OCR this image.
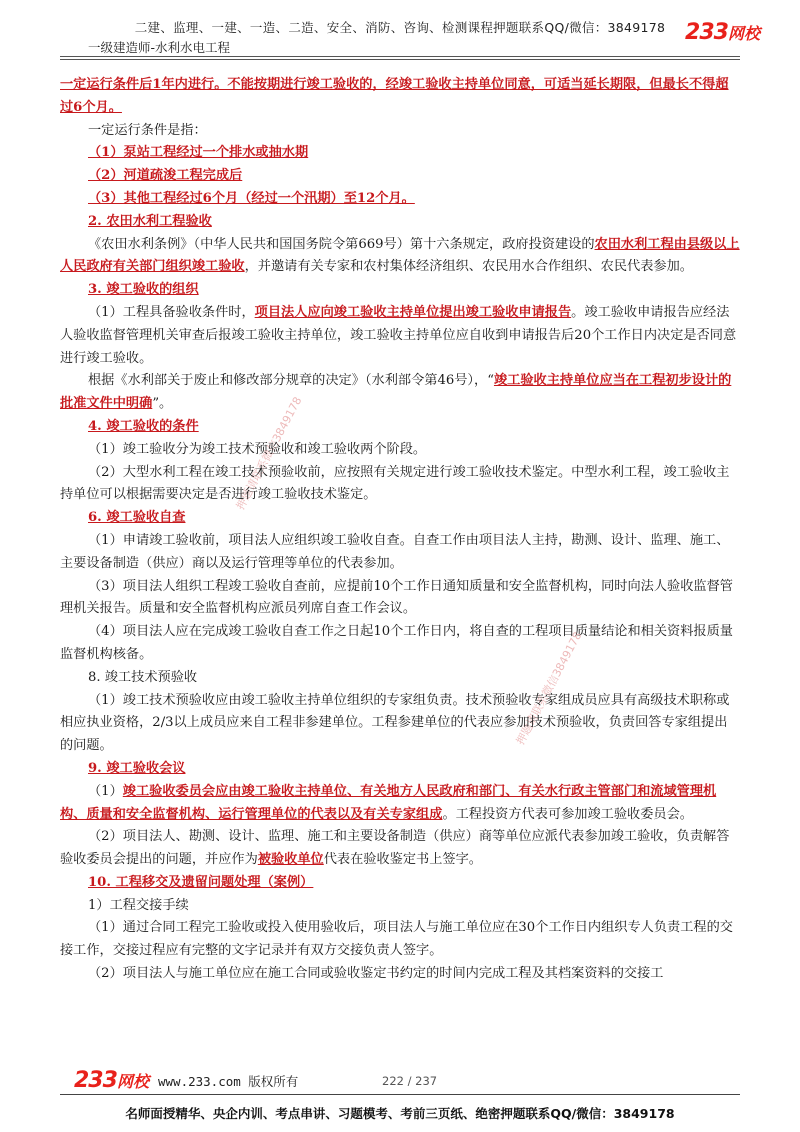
二建、监理、一建、一造、二造、安全、消防、咨询、检测课程押题联系QQ/微信：3849178
一级建造师-水利水电工程
233网校
押题请联系微信3849178
押题请联系微信3849178

一定运行条件后1年内进行。不能按期进行竣工验收的，经竣工验收主持单位同意，可适当延长期限，但最长不得超过6个月。

一定运行条件是指：

（1）泵站工程经过一个排水或抽水期

（2）河道疏浚工程完成后

（3）其他工程经过6个月（经过一个汛期）至12个月。

2. 农田水利工程验收

《农田水利条例》（中华人民共和国国务院令第669号）第十六条规定，政府投资建设的农田水利工程由县级以上人民政府有关部门组织竣工验收，并邀请有关专家和农村集体经济组织、农民用水合作组织、农民代表参加。

3. 竣工验收的组织

（1）工程具备验收条件时，项目法人应向竣工验收主持单位提出竣工验收申请报告。竣工验收申请报告应经法人验收监督管理机关审查后报竣工验收主持单位，竣工验收主持单位应自收到申请报告后20个工作日内决定是否同意进行竣工验收。

根据《水利部关于废止和修改部分规章的决定》（水利部令第46号），“竣工验收主持单位应当在工程初步设计的批准文件中明确”。

4. 竣工验收的条件

（1）竣工验收分为竣工技术预验收和竣工验收两个阶段。

（2）大型水利工程在竣工技术预验收前，应按照有关规定进行竣工验收技术鉴定。中型水利工程，竣工验收主持单位可以根据需要决定是否进行竣工验收技术鉴定。

6. 竣工验收自查

（1）申请竣工验收前，项目法人应组织竣工验收自查。自查工作由项目法人主持，勘测、设计、监理、施工、主要设备制造（供应）商以及运行管理等单位的代表参加。

（3）项目法人组织工程竣工验收自查前，应提前10个工作日通知质量和安全监督机构，同时向法人验收监督管理机关报告。质量和安全监督机构应派员列席自查工作会议。

（4）项目法人应在完成竣工验收自查工作之日起10个工作日内，将自查的工程项目质量结论和相关资料报质量监督机构核备。

8. 竣工技术预验收

（1）竣工技术预验收应由竣工验收主持单位组织的专家组负责。技术预验收专家组成员应具有高级技术职称或相应执业资格，2/3以上成员应来自工程非参建单位。工程参建单位的代表应参加技术预验收，负责回答专家组提出的问题。

9. 竣工验收会议

（1）竣工验收委员会应由竣工验收主持单位、有关地方人民政府和部门、有关水行政主管部门和流域管理机构、质量和安全监督机构、运行管理单位的代表以及有关专家组成。工程投资方代表可参加竣工验收委员会。

（2）项目法人、勘测、设计、监理、施工和主要设备制造（供应）商等单位应派代表参加竣工验收，负责解答验收委员会提出的问题，并应作为被验收单位代表在验收鉴定书上签字。

10. 工程移交及遗留问题处理（案例）

1）工程交接手续

（1）通过合同工程完工验收或投入使用验收后，项目法人与施工单位应在30个工作日内组织专人负责工程的交接工作，交接过程应有完整的文字记录并有双方交接负责人签字。

（2）项目法人与施工单位应在施工合同或验收鉴定书约定的时间内完成工程及其档案资料的交接工

233网校 www.233.com 版权所有	222 / 237
名师面授精华、央企内训、考点串讲、习题模考、考前三页纸、绝密押题联系QQ/微信：3849178
